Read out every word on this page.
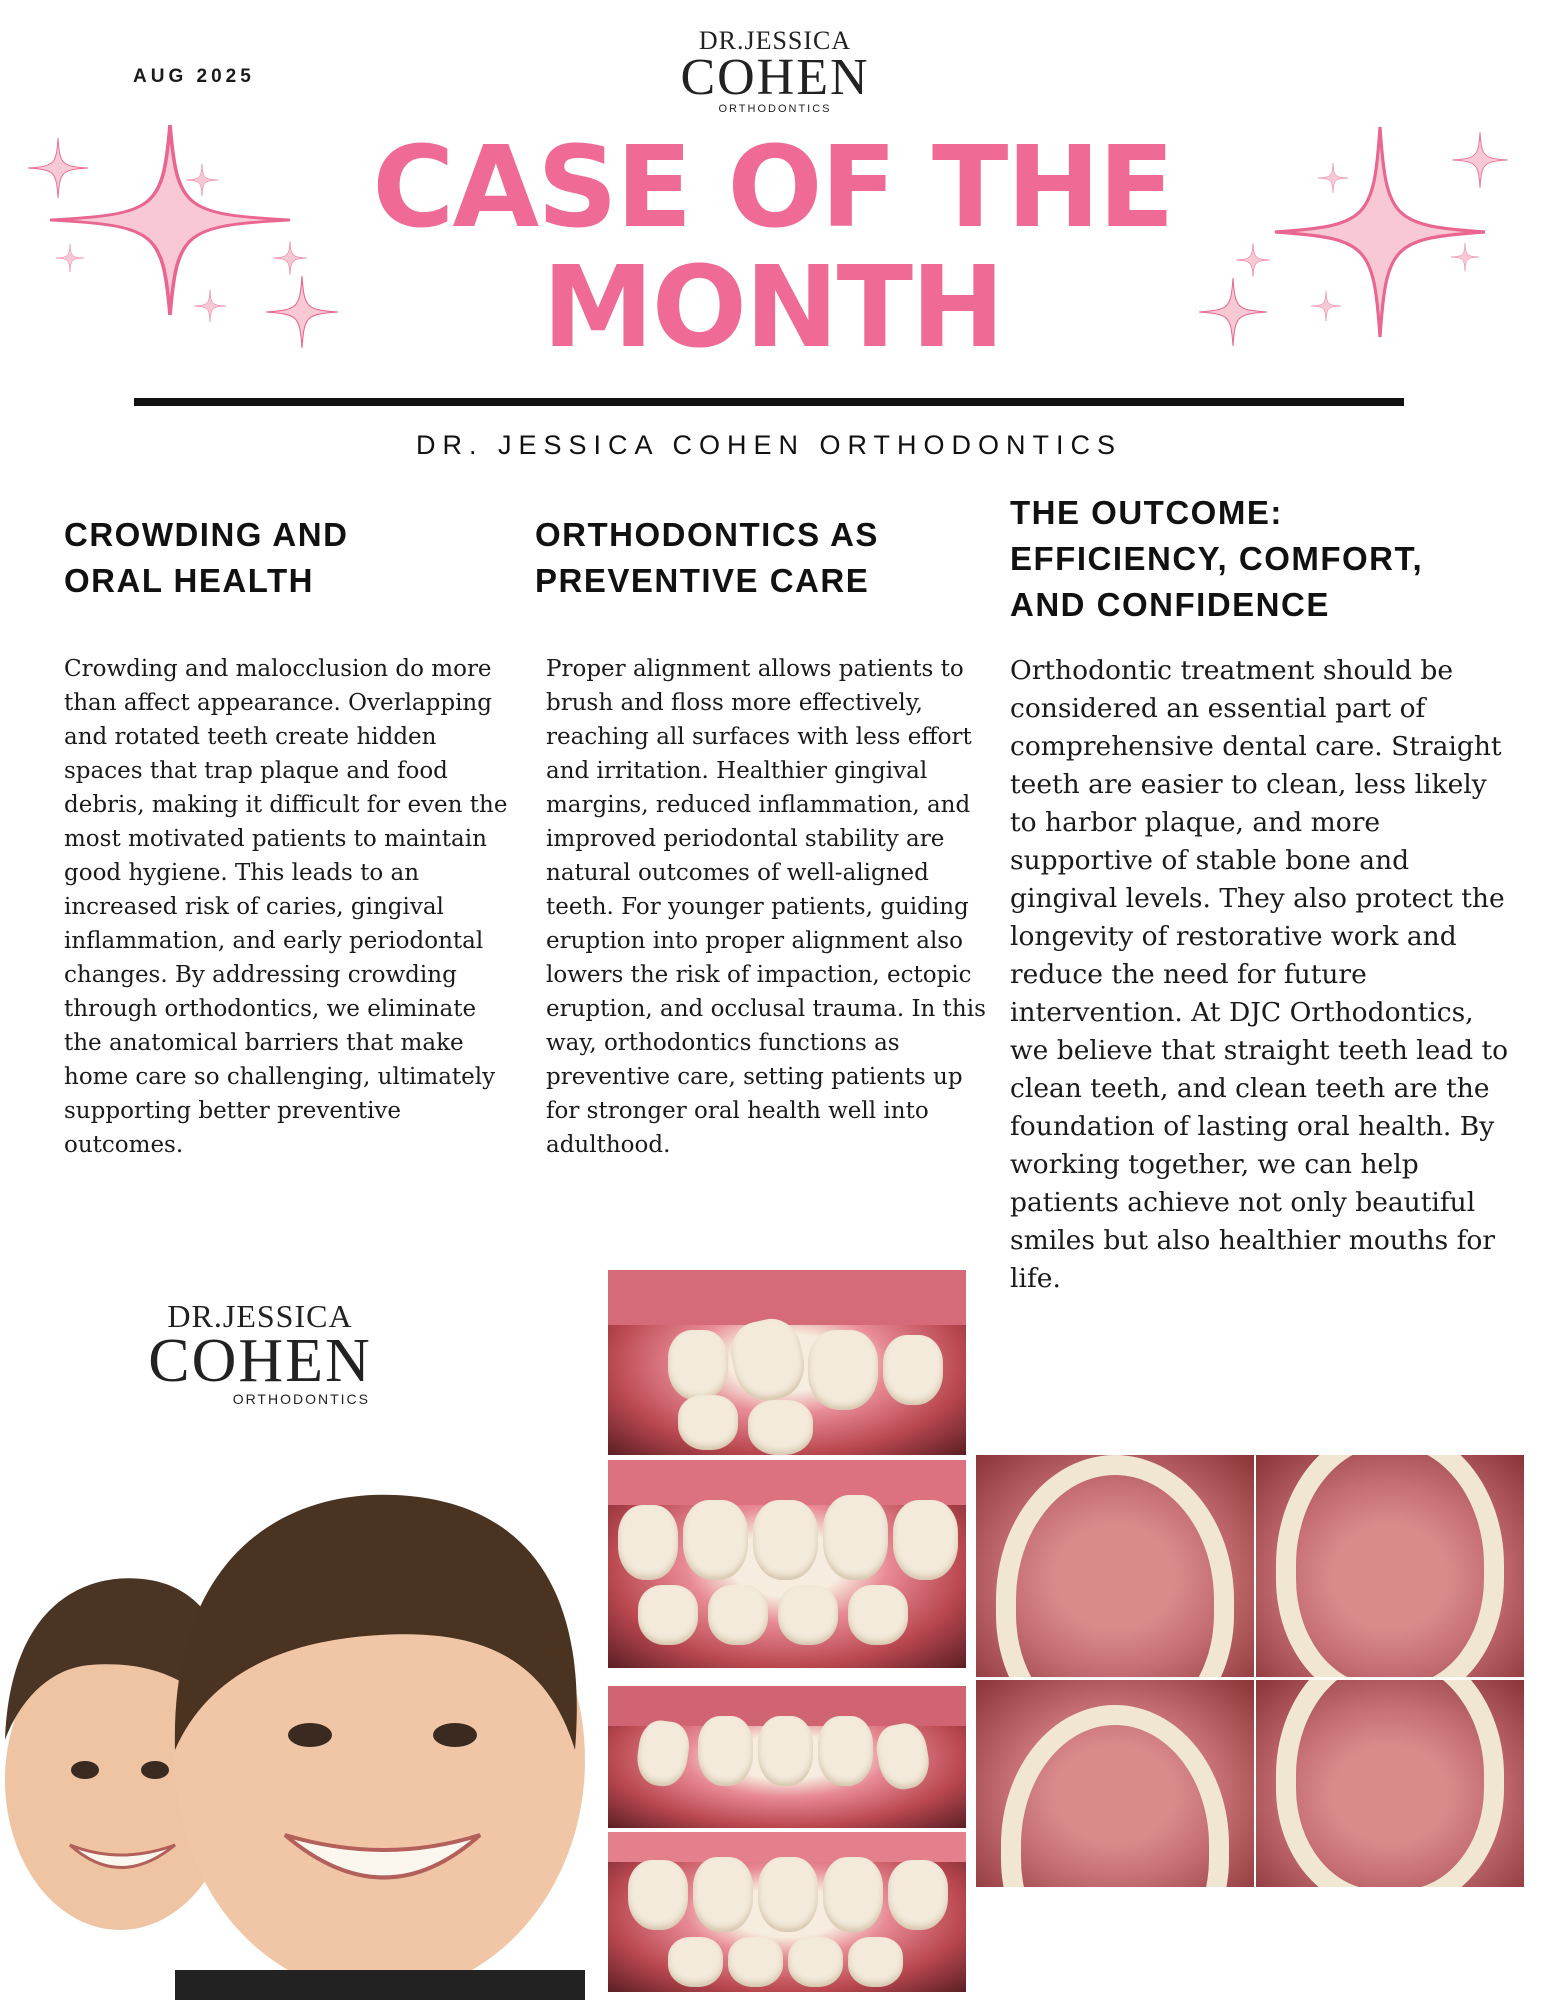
AUG 2025
DR.JESSICA
COHEN
ORTHODONTICS
CASE OF THE
MONTH
DR. JESSICA COHEN ORTHODONTICS
CROWDING AND
ORAL HEALTH
Crowding and malocclusion do more than affect appearance. Overlapping and rotated teeth create hidden spaces that trap plaque and food debris, making it difficult for even the most motivated patients to maintain good hygiene. This leads to an increased risk of caries, gingival inflammation, and early periodontal changes. By addressing crowding through orthodontics, we eliminate the anatomical barriers that make home care so challenging, ultimately supporting better preventive outcomes.
ORTHODONTICS AS
PREVENTIVE CARE
Proper alignment allows patients to brush and floss more effectively, reaching all surfaces with less effort and irritation. Healthier gingival margins, reduced inflammation, and improved periodontal stability are natural outcomes of well-aligned teeth. For younger patients, guiding eruption into proper alignment also lowers the risk of impaction, ectopic eruption, and occlusal trauma. In this way, orthodontics functions as preventive care, setting patients up for stronger oral health well into adulthood.
THE OUTCOME:
EFFICIENCY, COMFORT,
AND CONFIDENCE
Orthodontic treatment should be considered an essential part of comprehensive dental care. Straight teeth are easier to clean, less likely to harbor plaque, and more supportive of stable bone and gingival levels. They also protect the longevity of restorative work and reduce the need for future intervention. At DJC Orthodontics, we believe that straight teeth lead to clean teeth, and clean teeth are the foundation of lasting oral health. By working together, we can help patients achieve not only beautiful smiles but also healthier mouths for life.
DR.JESSICA
COHEN
ORTHODONTICS
